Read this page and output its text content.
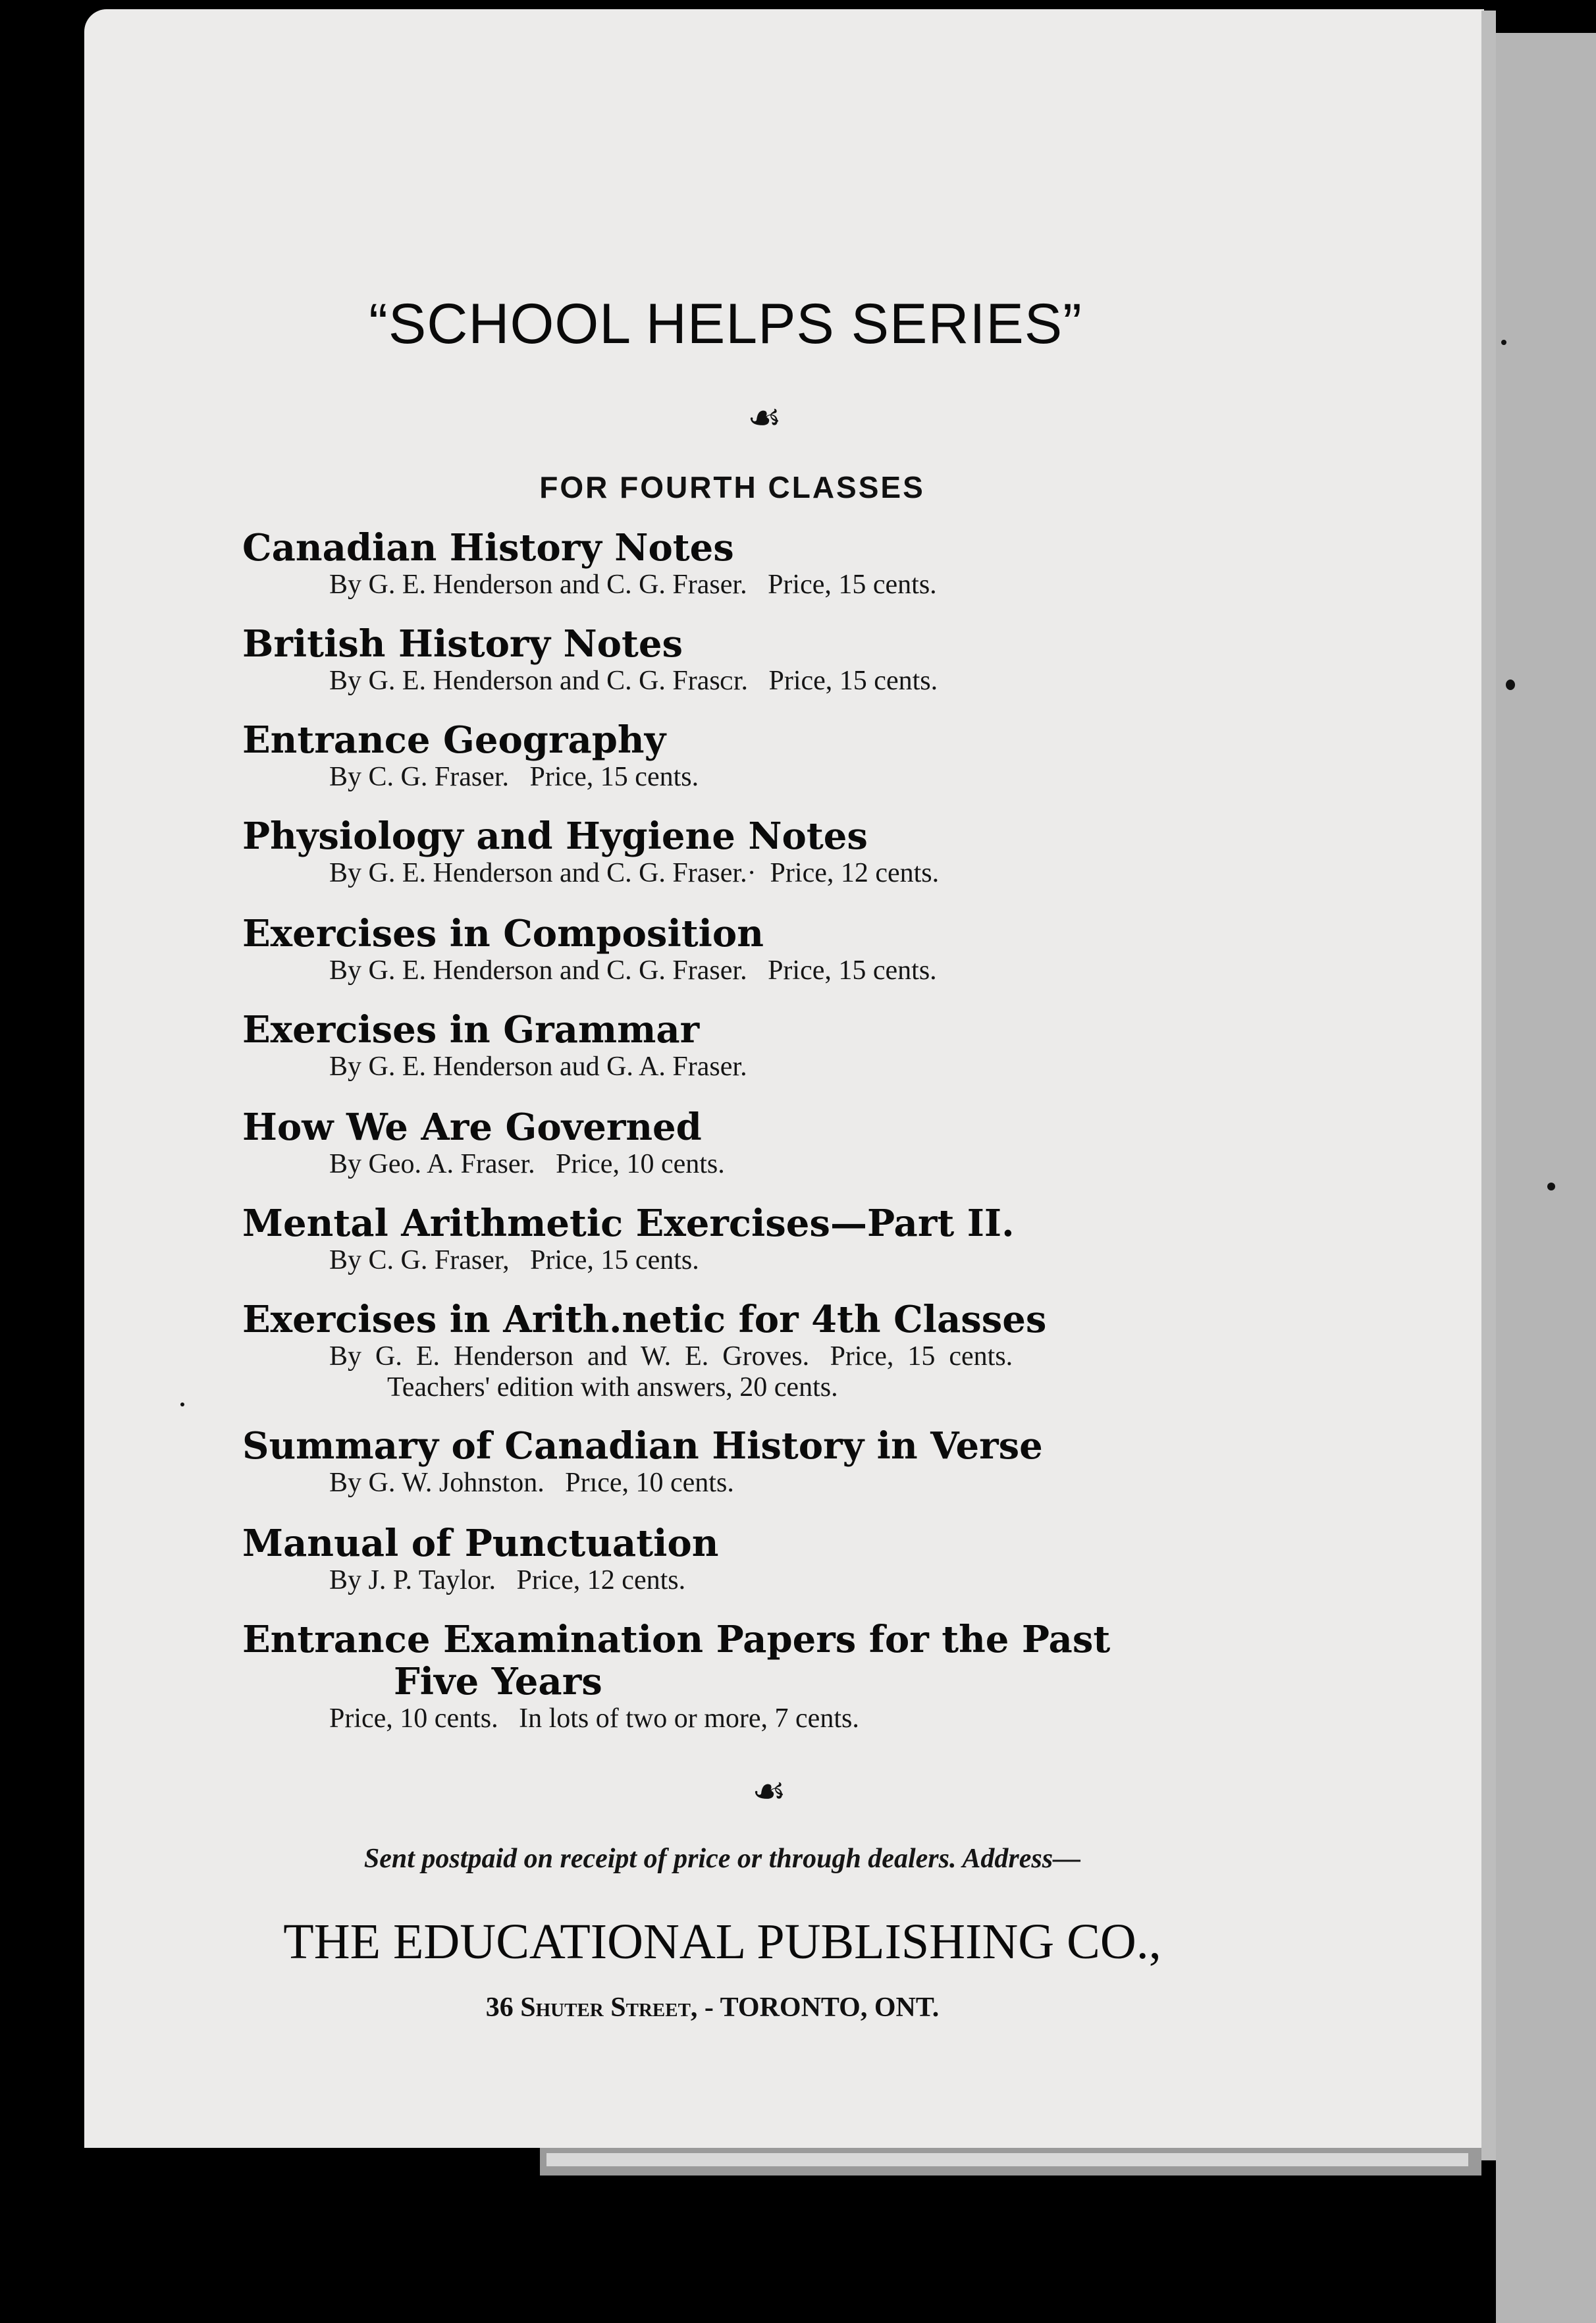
“SCHOOL HELPS SERIES”
☙
FOR FOURTH CLASSES
Canadian History Notes
By G. E. Henderson and C. G. Fraser.   Price, 15 cents.
British History Notes
By G. E. Henderson and C. G. Frasᴄr.   Price, 15 cents.
Entrance Geography
By C. G. Fraser.   Price, 15 cents.
Physiology and Hygiene Notes
By G. E. Henderson and C. G. Fraser.·  Price, 12 cents.
Exercises in Composition
By G. E. Henderson and C. G. Fraser.   Price, 15 cents.
Exercises in Grammar
By G. E. Henderson aud G. A. Fraser.
How We Are Governed
By Geo. A. Fraser.   Price, 10 cents.
Mental Arithmetic Exercises—Part II.
By C. G. Fraser,   Price, 15 cents.
Exercises in Arith.netic for 4th Classes
By  G.  E.  Henderson  and  W.  E.  Groves.   Price,  15  cents.
Teachers' edition with answers, 20 cents.
Summary of Canadian History in Verse
By G. W. Johnston.   Prıce, 10 cents.
Manual of Punctuation
By J. P. Taylor.   Price, 12 cents.
Entrance Examination Papers for the Past
Five Years
Price, 10 cents.   In lots of two or more, 7 cents.
☙
Sent postpaid on receipt of price or through dealers. Address—
THE EDUCATIONAL PUBLISHING CO.,
36 Shuter Street, - TORONTO, ONT.
